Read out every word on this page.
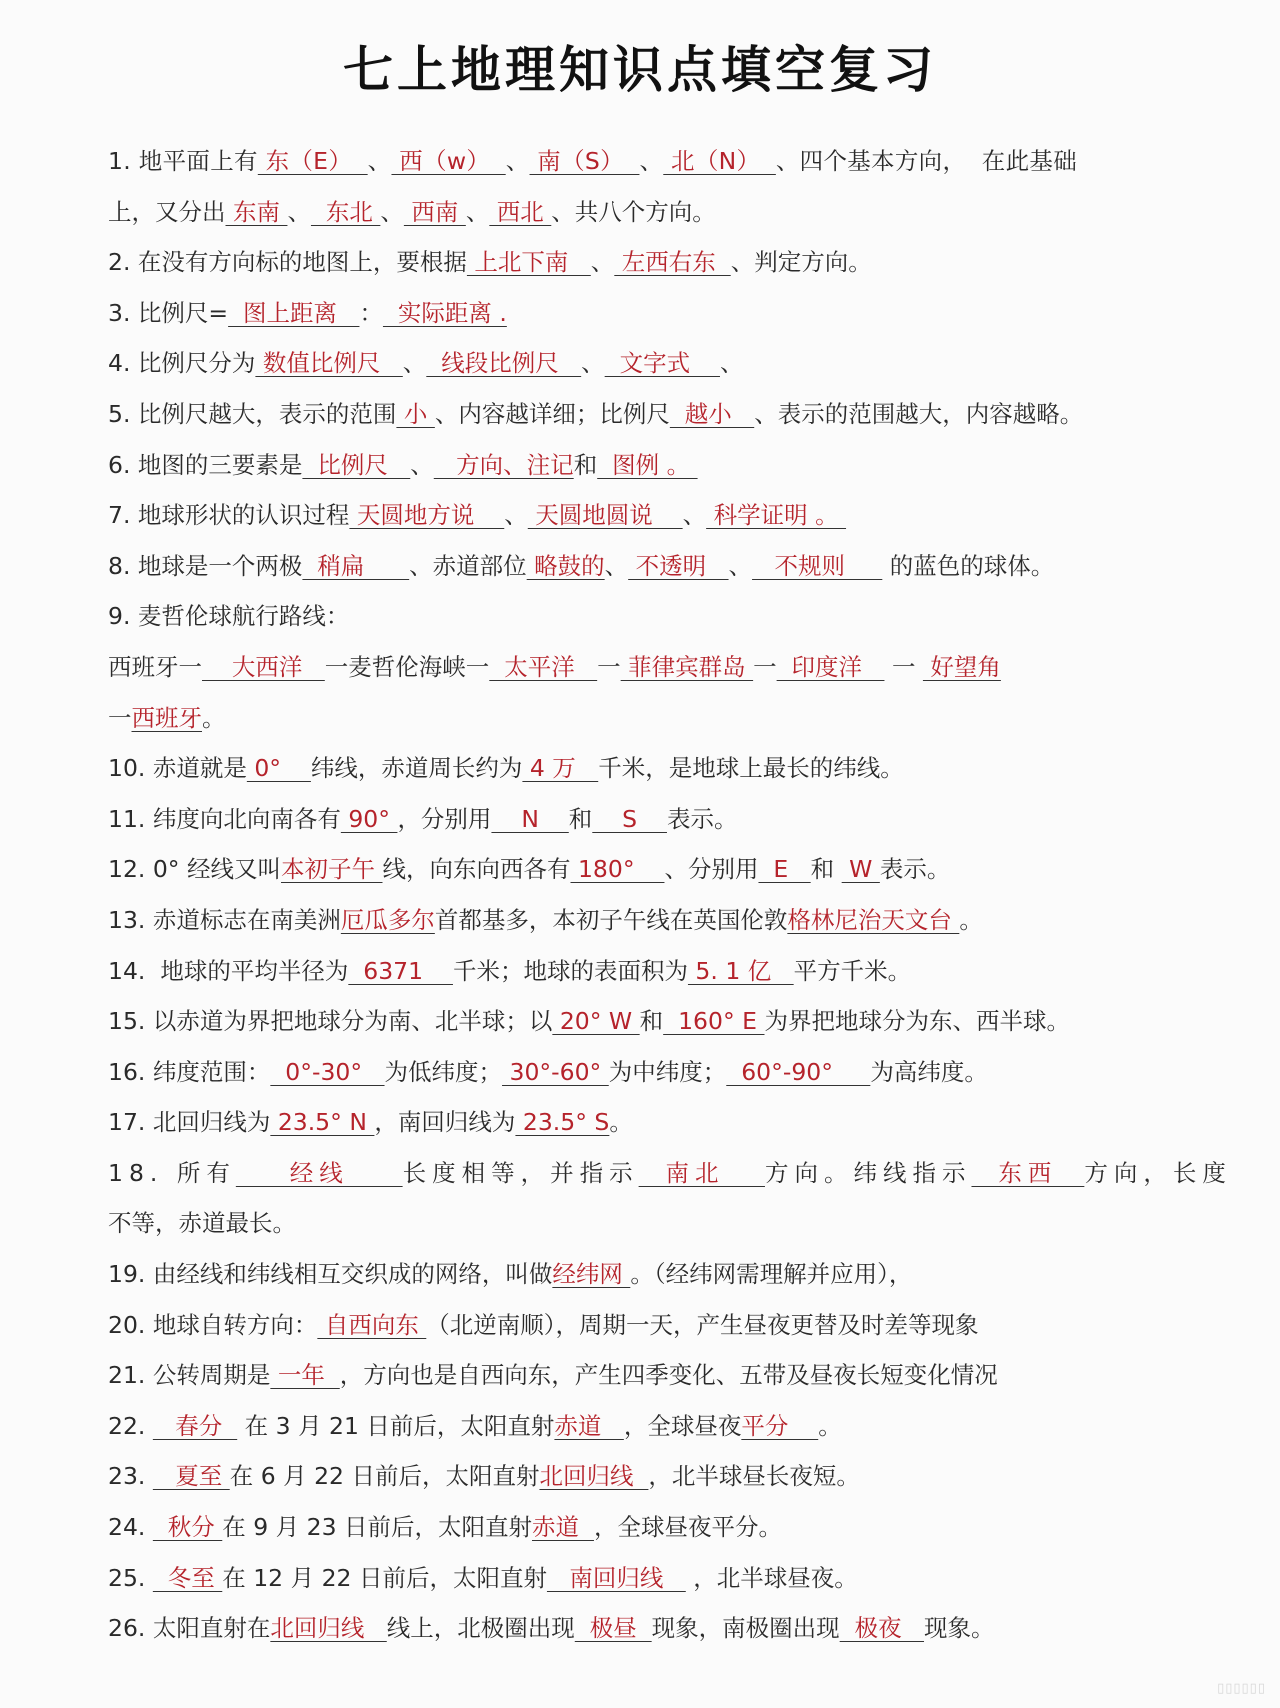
七上地理知识点填空复习
1. 地平面上有 东（E）  、 西（w）  、 南（S）  、 北（N）  、四个基本方向，  在此基础
上，又分出 东南 、  东北 、 西南 、 西北 、共八个方向。
2. 在没有方向标的地图上，要根据 上北下南   、 左西右东  、判定方向。
3. 比例尺=  图上距离   ：  实际距离 .
4. 比例尺分为 数值比例尺   、  线段比例尺   、  文字式    、
5. 比例尺越大，表示的范围 小 、内容越详细；比例尺  越小   、表示的范围越大，内容越略。
6. 地图的三要素是  比例尺   、   方向、注记和  图例 。
7. 地球形状的认识过程 天圆地方说    、 天圆地圆说    、 科学证明 。
8. 地球是一个两极  稍扁      、赤道部位 略鼓的、 不透明   、   不规则      的蓝色的球体。
9. 麦哲伦球航行路线：
西班牙一    大西洋   一麦哲伦海峡一  太平洋   一 菲律宾群岛 一  印度洋    一  好望角
一西班牙。
10. 赤道就是 0°    纬线，赤道周长约为 4 万   千米，是地球上最长的纬线。
11. 纬度向北向南各有 90° ，分别用    N    和    S    表示。
12. 0° 经线又叫本初子午 线，向东向西各有 180°    、分别用  E   和  W 表示。
13. 赤道标志在南美洲厄瓜多尔首都基多，本初子午线在英国伦敦格林尼治天文台 。
14.  地球的平均半径为  6371    千米；地球的表面积为 5. 1 亿   平方千米。
15. 以赤道为界把地球分为南、北半球；以 20° W 和  160° E 为界把地球分为东、西半球。
16. 纬度范围：  0°-30°   为低纬度； 30°-60° 为中纬度；  60°-90°     为高纬度。
17. 北回归线为 23.5° N ，南回归线为 23.5° S。
18. 所有    经线    长度相等，并指示  南北   方向。纬线指示  东西  方向，长度
不等，赤道最长。
19. 由经线和纬线相互交织成的网络，叫做经纬网 。（经纬网需理解并应用），
20. 地球自转方向： 自西向东 （北逆南顺），周期一天，产生昼夜更替及时差等现象
21. 公转周期是 一年  ，方向也是自西向东，产生四季变化、五带及昼夜长短变化情况
22.    春分   在 3 月 21 日前后，太阳直射赤道   ，全球昼夜平分    。
23.    夏至 在 6 月 22 日前后，太阳直射北回归线  ，北半球昼长夜短。
24.   秋分 在 9 月 23 日前后，太阳直射赤道  ，全球昼夜平分。
25.   冬至 在 12 月 22 日前后，太阳直射   南回归线    ，北半球昼夜。
26. 太阳直射在北回归线   线上，北极圈出现  极昼  现象，南极圈出现  极夜   现象。
▯▯▯▯▯▯
